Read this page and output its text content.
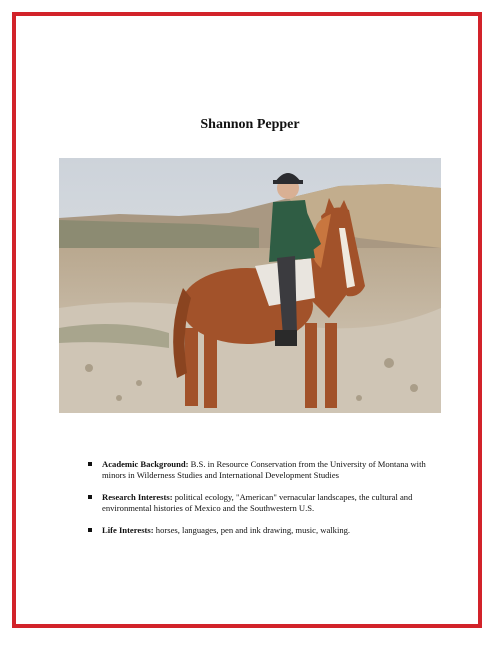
Shannon Pepper
Academic Background: B.S. in Resource Conservation from the University of Montana with minors in Wilderness Studies and International Development Studies
Research Interests: political ecology, "American" vernacular landscapes, the cultural and environmental histories of Mexico and the Southwestern U.S.
Life Interests: horses, languages, pen and ink drawing, music, walking.
